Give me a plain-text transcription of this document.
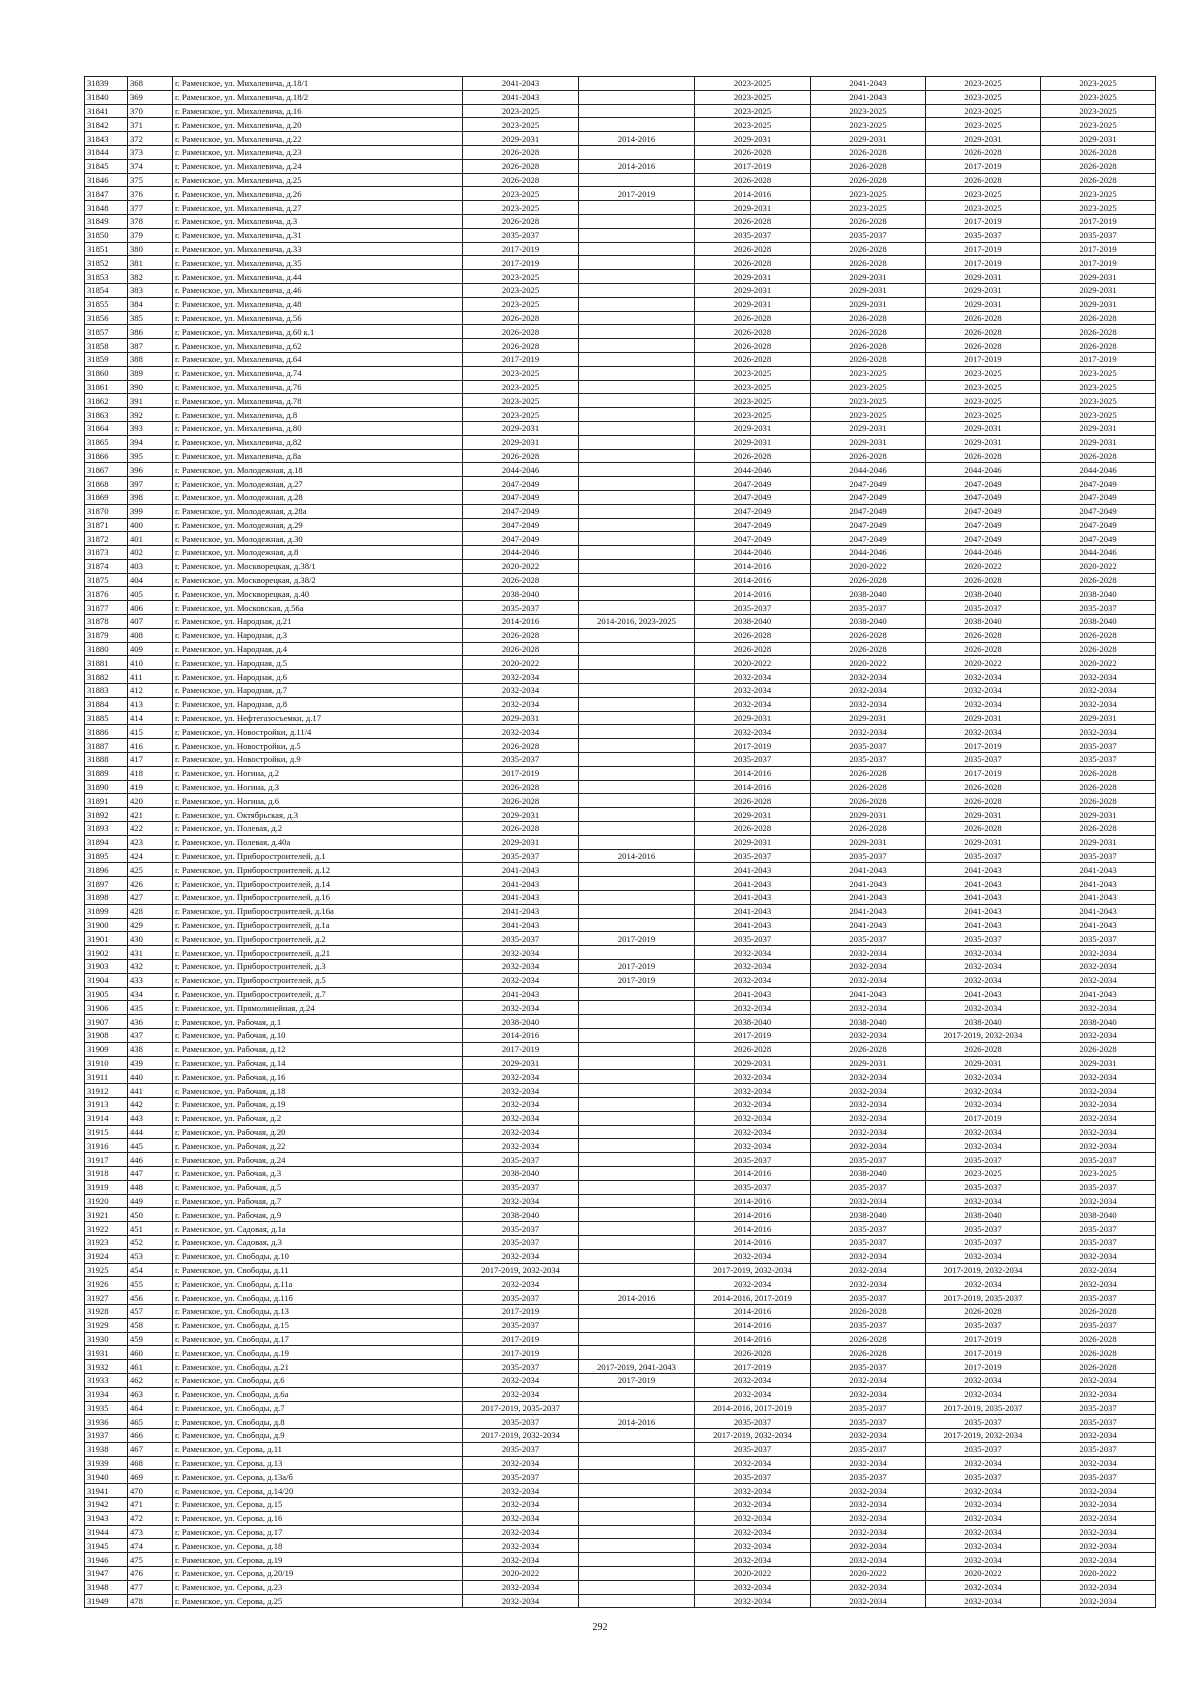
31839	368	г. Раменское, ул. Михалевича, д.18/1	2041-2043		2023-2025	2041-2043	2023-2025	2023-2025
31840	369	г. Раменское, ул. Михалевича, д.18/2	2041-2043		2023-2025	2041-2043	2023-2025	2023-2025
31841	370	г. Раменское, ул. Михалевича, д.16	2023-2025		2023-2025	2023-2025	2023-2025	2023-2025
31842	371	г. Раменское, ул. Михалевича, д.20	2023-2025		2023-2025	2023-2025	2023-2025	2023-2025
31843	372	г. Раменское, ул. Михалевича, д.22	2029-2031	2014-2016	2029-2031	2029-2031	2029-2031	2029-2031
31844	373	г. Раменское, ул. Михалевича, д.23	2026-2028		2026-2028	2026-2028	2026-2028	2026-2028
31845	374	г. Раменское, ул. Михалевича, д.24	2026-2028	2014-2016	2017-2019	2026-2028	2017-2019	2026-2028
31846	375	г. Раменское, ул. Михалевича, д.25	2026-2028		2026-2028	2026-2028	2026-2028	2026-2028
31847	376	г. Раменское, ул. Михалевича, д.26	2023-2025	2017-2019	2014-2016	2023-2025	2023-2025	2023-2025
31848	377	г. Раменское, ул. Михалевича, д.27	2023-2025		2029-2031	2023-2025	2023-2025	2023-2025
31849	378	г. Раменское, ул. Михалевича, д.3	2026-2028		2026-2028	2026-2028	2017-2019	2017-2019
31850	379	г. Раменское, ул. Михалевича, д.31	2035-2037		2035-2037	2035-2037	2035-2037	2035-2037
31851	380	г. Раменское, ул. Михалевича, д.33	2017-2019		2026-2028	2026-2028	2017-2019	2017-2019
31852	381	г. Раменское, ул. Михалевича, д.35	2017-2019		2026-2028	2026-2028	2017-2019	2017-2019
31853	382	г. Раменское, ул. Михалевича, д.44	2023-2025		2029-2031	2029-2031	2029-2031	2029-2031
31854	383	г. Раменское, ул. Михалевича, д.46	2023-2025		2029-2031	2029-2031	2029-2031	2029-2031
31855	384	г. Раменское, ул. Михалевича, д.48	2023-2025		2029-2031	2029-2031	2029-2031	2029-2031
31856	385	г. Раменское, ул. Михалевича, д.56	2026-2028		2026-2028	2026-2028	2026-2028	2026-2028
31857	386	г. Раменское, ул. Михалевича, д.60 к.1	2026-2028		2026-2028	2026-2028	2026-2028	2026-2028
31858	387	г. Раменское, ул. Михалевича, д.62	2026-2028		2026-2028	2026-2028	2026-2028	2026-2028
31859	388	г. Раменское, ул. Михалевича, д.64	2017-2019		2026-2028	2026-2028	2017-2019	2017-2019
31860	389	г. Раменское, ул. Михалевича, д.74	2023-2025		2023-2025	2023-2025	2023-2025	2023-2025
31861	390	г. Раменское, ул. Михалевича, д.76	2023-2025		2023-2025	2023-2025	2023-2025	2023-2025
31862	391	г. Раменское, ул. Михалевича, д.78	2023-2025		2023-2025	2023-2025	2023-2025	2023-2025
31863	392	г. Раменское, ул. Михалевича, д.8	2023-2025		2023-2025	2023-2025	2023-2025	2023-2025
31864	393	г. Раменское, ул. Михалевича, д.80	2029-2031		2029-2031	2029-2031	2029-2031	2029-2031
31865	394	г. Раменское, ул. Михалевича, д.82	2029-2031		2029-2031	2029-2031	2029-2031	2029-2031
31866	395	г. Раменское, ул. Михалевича, д.8а	2026-2028		2026-2028	2026-2028	2026-2028	2026-2028
31867	396	г. Раменское, ул. Молодежная, д.18	2044-2046		2044-2046	2044-2046	2044-2046	2044-2046
31868	397	г. Раменское, ул. Молодежная, д.27	2047-2049		2047-2049	2047-2049	2047-2049	2047-2049
31869	398	г. Раменское, ул. Молодежная, д.28	2047-2049		2047-2049	2047-2049	2047-2049	2047-2049
31870	399	г. Раменское, ул. Молодежная, д.28а	2047-2049		2047-2049	2047-2049	2047-2049	2047-2049
31871	400	г. Раменское, ул. Молодежная, д.29	2047-2049		2047-2049	2047-2049	2047-2049	2047-2049
31872	401	г. Раменское, ул. Молодежная, д.30	2047-2049		2047-2049	2047-2049	2047-2049	2047-2049
31873	402	г. Раменское, ул. Молодежная, д.8	2044-2046		2044-2046	2044-2046	2044-2046	2044-2046
31874	403	г. Раменское, ул. Москворецкая, д.38/1	2020-2022		2014-2016	2020-2022	2020-2022	2020-2022
31875	404	г. Раменское, ул. Москворецкая, д.38/2	2026-2028		2014-2016	2026-2028	2026-2028	2026-2028
31876	405	г. Раменское, ул. Москворецкая, д.40	2038-2040		2014-2016	2038-2040	2038-2040	2038-2040
31877	406	г. Раменское, ул. Московская, д.56а	2035-2037		2035-2037	2035-2037	2035-2037	2035-2037
31878	407	г. Раменское, ул. Народная, д.21	2014-2016	2014-2016, 2023-2025	2038-2040	2038-2040	2038-2040	2038-2040
31879	408	г. Раменское, ул. Народная, д.3	2026-2028		2026-2028	2026-2028	2026-2028	2026-2028
31880	409	г. Раменское, ул. Народная, д.4	2026-2028		2026-2028	2026-2028	2026-2028	2026-2028
31881	410	г. Раменское, ул. Народная, д.5	2020-2022		2020-2022	2020-2022	2020-2022	2020-2022
31882	411	г. Раменское, ул. Народная, д.6	2032-2034		2032-2034	2032-2034	2032-2034	2032-2034
31883	412	г. Раменское, ул. Народная, д.7	2032-2034		2032-2034	2032-2034	2032-2034	2032-2034
31884	413	г. Раменское, ул. Народная, д.8	2032-2034		2032-2034	2032-2034	2032-2034	2032-2034
31885	414	г. Раменское, ул. Нефтегазосъемки, д.17	2029-2031		2029-2031	2029-2031	2029-2031	2029-2031
31886	415	г. Раменское, ул. Новостройки, д.11/4	2032-2034		2032-2034	2032-2034	2032-2034	2032-2034
31887	416	г. Раменское, ул. Новостройки, д.5	2026-2028		2017-2019	2035-2037	2017-2019	2035-2037
31888	417	г. Раменское, ул. Новостройки, д.9	2035-2037		2035-2037	2035-2037	2035-2037	2035-2037
31889	418	г. Раменское, ул. Ногина, д.2	2017-2019		2014-2016	2026-2028	2017-2019	2026-2028
31890	419	г. Раменское, ул. Ногина, д.3	2026-2028		2014-2016	2026-2028	2026-2028	2026-2028
31891	420	г. Раменское, ул. Ногина, д.6	2026-2028		2026-2028	2026-2028	2026-2028	2026-2028
31892	421	г. Раменское, ул. Октябрьская, д.3	2029-2031		2029-2031	2029-2031	2029-2031	2029-2031
31893	422	г. Раменское, ул. Полевая, д.2	2026-2028		2026-2028	2026-2028	2026-2028	2026-2028
31894	423	г. Раменское, ул. Полевая, д.40а	2029-2031		2029-2031	2029-2031	2029-2031	2029-2031
31895	424	г. Раменское, ул. Приборостроителей, д.1	2035-2037	2014-2016	2035-2037	2035-2037	2035-2037	2035-2037
31896	425	г. Раменское, ул. Приборостроителей, д.12	2041-2043		2041-2043	2041-2043	2041-2043	2041-2043
31897	426	г. Раменское, ул. Приборостроителей, д.14	2041-2043		2041-2043	2041-2043	2041-2043	2041-2043
31898	427	г. Раменское, ул. Приборостроителей, д.16	2041-2043		2041-2043	2041-2043	2041-2043	2041-2043
31899	428	г. Раменское, ул. Приборостроителей, д.16а	2041-2043		2041-2043	2041-2043	2041-2043	2041-2043
31900	429	г. Раменское, ул. Приборостроителей, д.1а	2041-2043		2041-2043	2041-2043	2041-2043	2041-2043
31901	430	г. Раменское, ул. Приборостроителей, д.2	2035-2037	2017-2019	2035-2037	2035-2037	2035-2037	2035-2037
31902	431	г. Раменское, ул. Приборостроителей, д.21	2032-2034		2032-2034	2032-2034	2032-2034	2032-2034
31903	432	г. Раменское, ул. Приборостроителей, д.3	2032-2034	2017-2019	2032-2034	2032-2034	2032-2034	2032-2034
31904	433	г. Раменское, ул. Приборостроителей, д.5	2032-2034	2017-2019	2032-2034	2032-2034	2032-2034	2032-2034
31905	434	г. Раменское, ул. Приборостроителей, д.7	2041-2043		2041-2043	2041-2043	2041-2043	2041-2043
31906	435	г. Раменское, ул. Прямолинейная, д.24	2032-2034		2032-2034	2032-2034	2032-2034	2032-2034
31907	436	г. Раменское, ул. Рабочая, д.1	2038-2040		2038-2040	2038-2040	2038-2040	2038-2040
31908	437	г. Раменское, ул. Рабочая, д.10	2014-2016		2017-2019	2032-2034	2017-2019, 2032-2034	2032-2034
31909	438	г. Раменское, ул. Рабочая, д.12	2017-2019		2026-2028	2026-2028	2026-2028	2026-2028
31910	439	г. Раменское, ул. Рабочая, д.14	2029-2031		2029-2031	2029-2031	2029-2031	2029-2031
31911	440	г. Раменское, ул. Рабочая, д.16	2032-2034		2032-2034	2032-2034	2032-2034	2032-2034
31912	441	г. Раменское, ул. Рабочая, д.18	2032-2034		2032-2034	2032-2034	2032-2034	2032-2034
31913	442	г. Раменское, ул. Рабочая, д.19	2032-2034		2032-2034	2032-2034	2032-2034	2032-2034
31914	443	г. Раменское, ул. Рабочая, д.2	2032-2034		2032-2034	2032-2034	2017-2019	2032-2034
31915	444	г. Раменское, ул. Рабочая, д.20	2032-2034		2032-2034	2032-2034	2032-2034	2032-2034
31916	445	г. Раменское, ул. Рабочая, д.22	2032-2034		2032-2034	2032-2034	2032-2034	2032-2034
31917	446	г. Раменское, ул. Рабочая, д.24	2035-2037		2035-2037	2035-2037	2035-2037	2035-2037
31918	447	г. Раменское, ул. Рабочая, д.3	2038-2040		2014-2016	2038-2040	2023-2025	2023-2025
31919	448	г. Раменское, ул. Рабочая, д.5	2035-2037		2035-2037	2035-2037	2035-2037	2035-2037
31920	449	г. Раменское, ул. Рабочая, д.7	2032-2034		2014-2016	2032-2034	2032-2034	2032-2034
31921	450	г. Раменское, ул. Рабочая, д.9	2038-2040		2014-2016	2038-2040	2038-2040	2038-2040
31922	451	г. Раменское, ул. Садовая, д.1а	2035-2037		2014-2016	2035-2037	2035-2037	2035-2037
31923	452	г. Раменское, ул. Садовая, д.3	2035-2037		2014-2016	2035-2037	2035-2037	2035-2037
31924	453	г. Раменское, ул. Свободы, д.10	2032-2034		2032-2034	2032-2034	2032-2034	2032-2034
31925	454	г. Раменское, ул. Свободы, д.11	2017-2019, 2032-2034		2017-2019, 2032-2034	2032-2034	2017-2019, 2032-2034	2032-2034
31926	455	г. Раменское, ул. Свободы, д.11а	2032-2034		2032-2034	2032-2034	2032-2034	2032-2034
31927	456	г. Раменское, ул. Свободы, д.11б	2035-2037	2014-2016	2014-2016, 2017-2019	2035-2037	2017-2019, 2035-2037	2035-2037
31928	457	г. Раменское, ул. Свободы, д.13	2017-2019		2014-2016	2026-2028	2026-2028	2026-2028
31929	458	г. Раменское, ул. Свободы, д.15	2035-2037		2014-2016	2035-2037	2035-2037	2035-2037
31930	459	г. Раменское, ул. Свободы, д.17	2017-2019		2014-2016	2026-2028	2017-2019	2026-2028
31931	460	г. Раменское, ул. Свободы, д.19	2017-2019		2026-2028	2026-2028	2017-2019	2026-2028
31932	461	г. Раменское, ул. Свободы, д.21	2035-2037	2017-2019, 2041-2043	2017-2019	2035-2037	2017-2019	2026-2028
31933	462	г. Раменское, ул. Свободы, д.6	2032-2034	2017-2019	2032-2034	2032-2034	2032-2034	2032-2034
31934	463	г. Раменское, ул. Свободы, д.6а	2032-2034		2032-2034	2032-2034	2032-2034	2032-2034
31935	464	г. Раменское, ул. Свободы, д.7	2017-2019, 2035-2037		2014-2016, 2017-2019	2035-2037	2017-2019, 2035-2037	2035-2037
31936	465	г. Раменское, ул. Свободы, д.8	2035-2037	2014-2016	2035-2037	2035-2037	2035-2037	2035-2037
31937	466	г. Раменское, ул. Свободы, д.9	2017-2019, 2032-2034		2017-2019, 2032-2034	2032-2034	2017-2019, 2032-2034	2032-2034
31938	467	г. Раменское, ул. Серова, д.11	2035-2037		2035-2037	2035-2037	2035-2037	2035-2037
31939	468	г. Раменское, ул. Серова, д.13	2032-2034		2032-2034	2032-2034	2032-2034	2032-2034
31940	469	г. Раменское, ул. Серова, д.13а/б	2035-2037		2035-2037	2035-2037	2035-2037	2035-2037
31941	470	г. Раменское, ул. Серова, д.14/20	2032-2034		2032-2034	2032-2034	2032-2034	2032-2034
31942	471	г. Раменское, ул. Серова, д.15	2032-2034		2032-2034	2032-2034	2032-2034	2032-2034
31943	472	г. Раменское, ул. Серова, д.16	2032-2034		2032-2034	2032-2034	2032-2034	2032-2034
31944	473	г. Раменское, ул. Серова, д.17	2032-2034		2032-2034	2032-2034	2032-2034	2032-2034
31945	474	г. Раменское, ул. Серова, д.18	2032-2034		2032-2034	2032-2034	2032-2034	2032-2034
31946	475	г. Раменское, ул. Серова, д.19	2032-2034		2032-2034	2032-2034	2032-2034	2032-2034
31947	476	г. Раменское, ул. Серова, д.20/19	2020-2022		2020-2022	2020-2022	2020-2022	2020-2022
31948	477	г. Раменское, ул. Серова, д.23	2032-2034		2032-2034	2032-2034	2032-2034	2032-2034
31949	478	г. Раменское, ул. Серова, д.25	2032-2034		2032-2034	2032-2034	2032-2034	2032-2034
292
